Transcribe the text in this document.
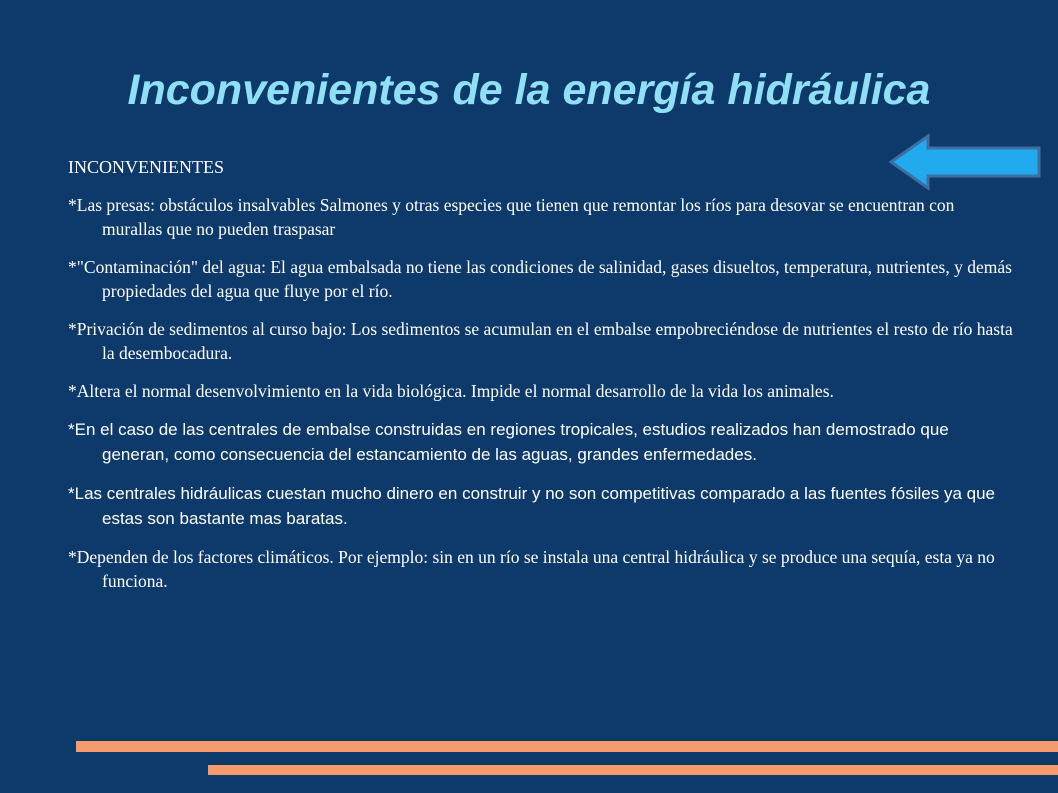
Inconvenientes de la energía hidráulica

INCONVENIENTES

*Las presas: obstáculos insalvables Salmones y otras especies que tienen que remontar los ríos para desovar se encuentran con murallas que no pueden traspasar

*"Contaminación" del agua: El agua embalsada no tiene las condiciones de salinidad, gases disueltos, temperatura, nutrientes, y demás propiedades del agua que fluye por el río.

*Privación de sedimentos al curso bajo: Los sedimentos se acumulan en el embalse empobreciéndose de nutrientes el resto de río hasta la desembocadura.

*Altera el normal desenvolvimiento en la vida biológica. Impide el normal desarrollo de la vida los animales.

*En el caso de las centrales de embalse construidas en regiones tropicales, estudios realizados han demostrado que generan, como consecuencia del estancamiento de las aguas, grandes enfermedades.

*Las centrales hidráulicas cuestan mucho dinero en construir y no son competitivas comparado a las fuentes fósiles ya que estas son bastante mas baratas.

*Dependen de los factores climáticos. Por ejemplo: sin en un río se instala una central hidráulica y se produce una sequía, esta ya no funciona.
